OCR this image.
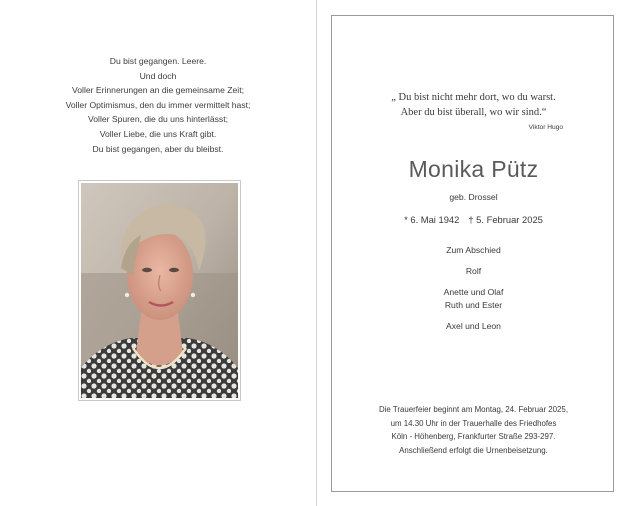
Du bist gegangen. Leere.
Und doch
Voller Erinnerungen an die gemeinsame Zeit;
Voller Optimismus, den du immer vermittelt hast;
Voller Spuren, die du uns hinterlässt;
Voller Liebe, die uns Kraft gibt.
Du bist gegangen, aber du bleibst.
„ Du bist nicht mehr dort, wo du warst.
Aber du bist überall, wo wir sind.“
Viktor Hugo
Monika Pütz
geb. Drossel
* 6. Mai 1942 † 5. Februar 2025
Zum Abschied
Rolf
Anette und Olaf
Ruth und Ester
Axel und Leon
Die Trauerfeier beginnt am Montag, 24. Februar 2025,
um 14.30 Uhr in der Trauerhalle des Friedhofes
Köln - Höhenberg, Frankfurter Straße 293-297.
Anschließend erfolgt die Urnenbeisetzung.
